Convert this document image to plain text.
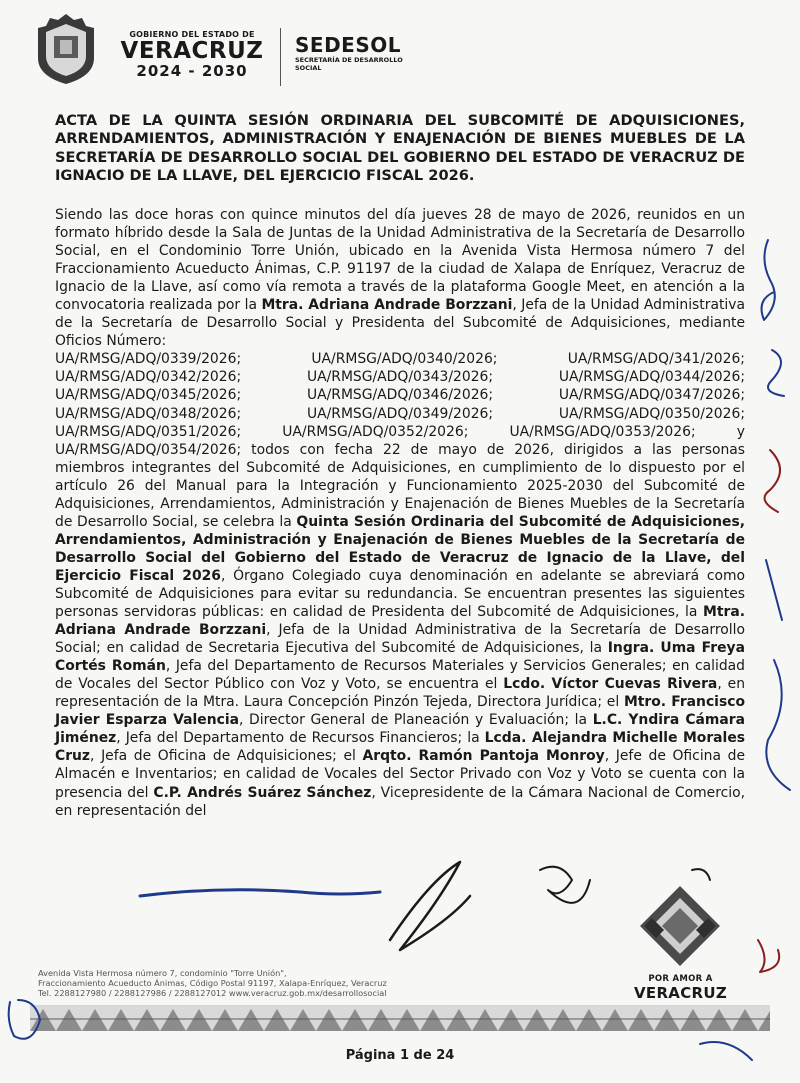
GOBIERNO DEL ESTADO DE
VERACRUZ
2024 - 2030
SEDESOL
SECRETARÍA DE DESARROLLO
SOCIAL
ACTA DE LA QUINTA SESIÓN ORDINARIA DEL SUBCOMITÉ DE ADQUISICIONES, ARRENDAMIENTOS, ADMINISTRACIÓN Y ENAJENACIÓN DE BIENES MUEBLES DE LA SECRETARÍA DE DESARROLLO SOCIAL DEL GOBIERNO DEL ESTADO DE VERACRUZ DE IGNACIO DE LA LLAVE, DEL EJERCICIO FISCAL 2026.

Siendo las doce horas con quince minutos del día jueves 28 de mayo de 2026, reunidos en un formato híbrido desde la Sala de Juntas de la Unidad Administrativa de la Secretaría de Desarrollo Social, en el Condominio Torre Unión, ubicado en la Avenida Vista Hermosa número 7 del Fraccionamiento Acueducto Ánimas, C.P. 91197 de la ciudad de Xalapa de Enríquez, Veracruz de Ignacio de la Llave, así como vía remota a través de la plataforma Google Meet, en atención a la convocatoria realizada por la Mtra. Adriana Andrade Borzzani, Jefa de la Unidad Administrativa de la Secretaría de Desarrollo Social y Presidenta del Subcomité de Adquisiciones, mediante Oficios Número:

UA/RMSG/ADQ/0339/2026;	UA/RMSG/ADQ/0340/2026;	UA/RMSG/ADQ/341/2026;
UA/RMSG/ADQ/0342/2026;	UA/RMSG/ADQ/0343/2026;	UA/RMSG/ADQ/0344/2026;
UA/RMSG/ADQ/0345/2026;	UA/RMSG/ADQ/0346/2026;	UA/RMSG/ADQ/0347/2026;
UA/RMSG/ADQ/0348/2026;	UA/RMSG/ADQ/0349/2026;	UA/RMSG/ADQ/0350/2026;
UA/RMSG/ADQ/0351/2026;	UA/RMSG/ADQ/0352/2026;	UA/RMSG/ADQ/0353/2026;	y

UA/RMSG/ADQ/0354/2026; todos con fecha 22 de mayo de 2026, dirigidos a las personas miembros integrantes del Subcomité de Adquisiciones, en cumplimiento de lo dispuesto por el artículo 26 del Manual para la Integración y Funcionamiento 2025-2030 del Subcomité de Adquisiciones, Arrendamientos, Administración y Enajenación de Bienes Muebles de la Secretaría de Desarrollo Social, se celebra la Quinta Sesión Ordinaria del Subcomité de Adquisiciones, Arrendamientos, Administración y Enajenación de Bienes Muebles de la Secretaría de Desarrollo Social del Gobierno del Estado de Veracruz de Ignacio de la Llave, del Ejercicio Fiscal 2026, Órgano Colegiado cuya denominación en adelante se abreviará como Subcomité de Adquisiciones para evitar su redundancia. Se encuentran presentes las siguientes personas servidoras públicas: en calidad de Presidenta del Subcomité de Adquisiciones, la Mtra. Adriana Andrade Borzzani, Jefa de la Unidad Administrativa de la Secretaría de Desarrollo Social; en calidad de Secretaria Ejecutiva del Subcomité de Adquisiciones, la Ingra. Uma Freya Cortés Román, Jefa del Departamento de Recursos Materiales y Servicios Generales; en calidad de Vocales del Sector Público con Voz y Voto, se encuentra el Lcdo. Víctor Cuevas Rivera, en representación de la Mtra. Laura Concepción Pinzón Tejeda, Directora Jurídica; el Mtro. Francisco Javier Esparza Valencia, Director General de Planeación y Evaluación; la L.C. Yndira Cámara Jiménez, Jefa del Departamento de Recursos Financieros; la Lcda. Alejandra Michelle Morales Cruz, Jefa de Oficina de Adquisiciones; el Arqto. Ramón Pantoja Monroy, Jefe de Oficina de Almacén e Inventarios; en calidad de Vocales del Sector Privado con Voz y Voto se cuenta con la presencia del C.P. Andrés Suárez Sánchez, Vicepresidente de la Cámara Nacional de Comercio, en representación del

POR AMOR A
VERACRUZ
Avenida Vista Hermosa número 7, condominio "Torre Unión",
Fraccionamiento Acueducto Ánimas, Código Postal 91197, Xalapa-Enríquez, Veracruz
Tel. 2288127980 / 2288127986 / 2288127012 www.veracruz.gob.mx/desarrollosocial
Página 1 de 24
